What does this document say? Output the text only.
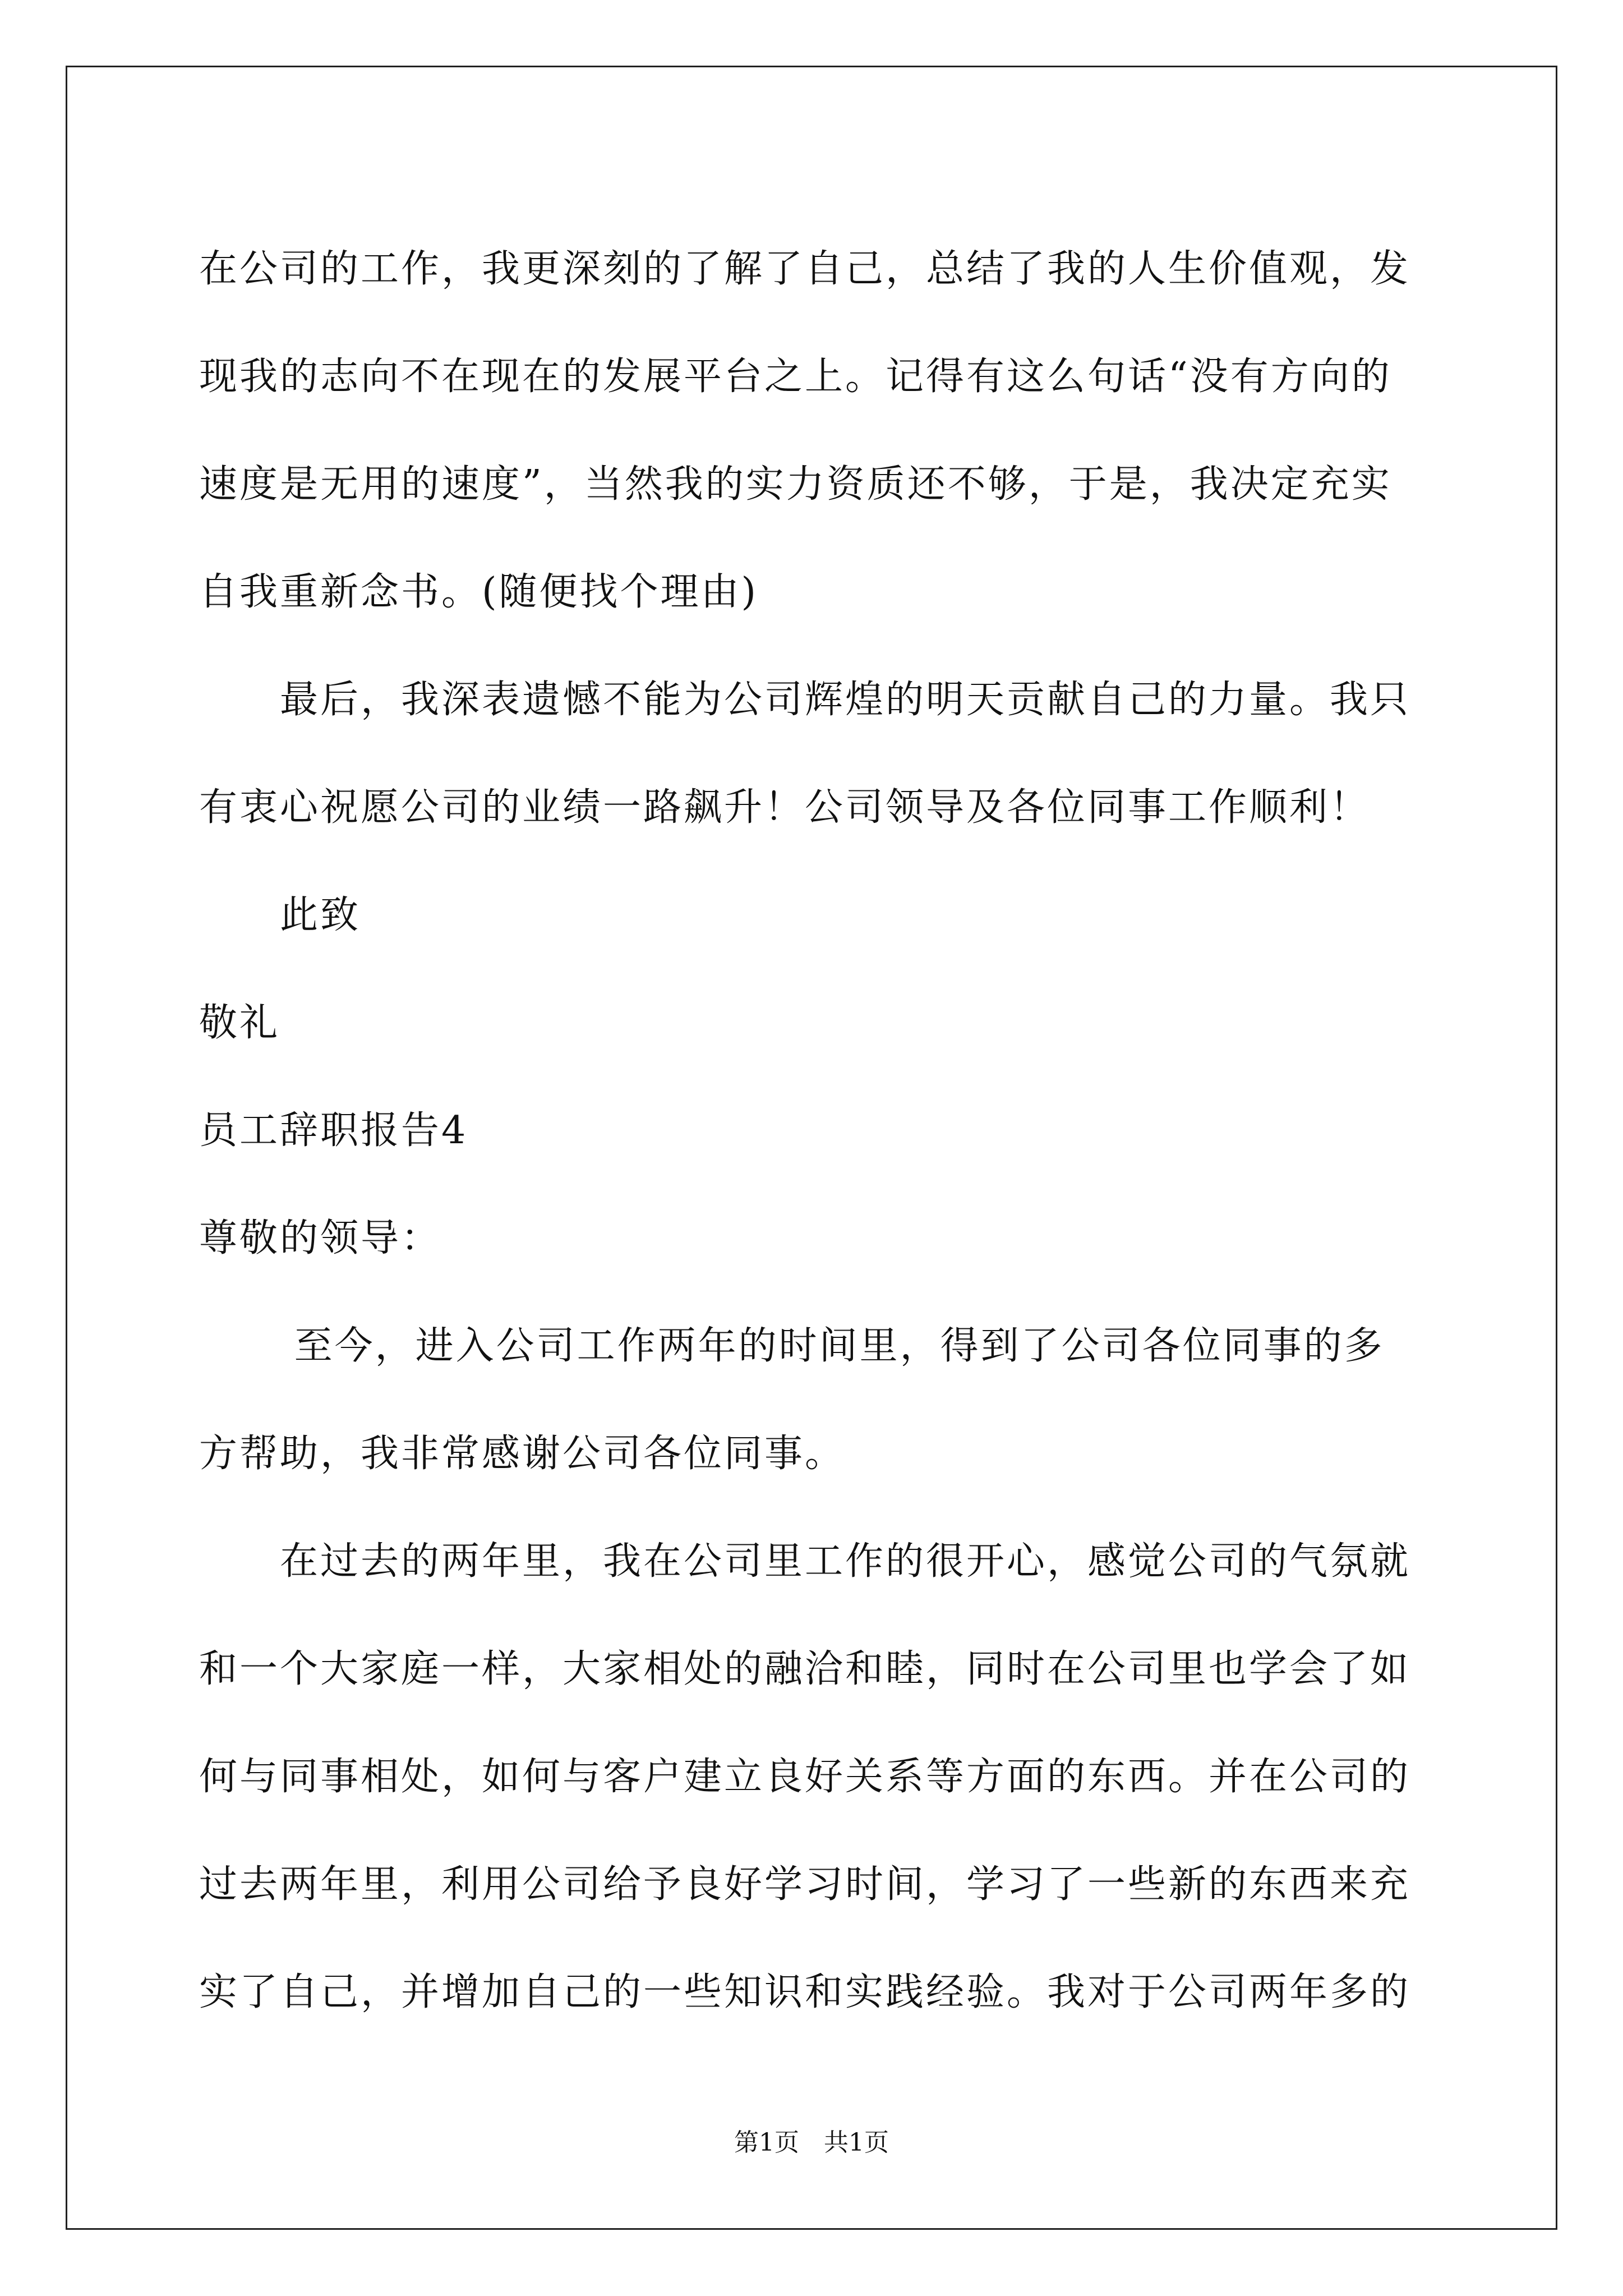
在公司的工作，我更深刻的了解了自己，总结了我的人生价值观，发现我的志向不在现在的发展平台之上。记得有这么句话“没有方向的速度是无用的速度”，当然我的实力资质还不够，于是，我决定充实自我重新念书。(随便找个理由)

　　最后，我深表遗憾不能为公司辉煌的明天贡献自己的力量。我只有衷心祝愿公司的业绩一路飙升！公司领导及各位同事工作顺利！

　　此致

敬礼

员工辞职报告4

尊敬的领导：

　　 至今，进入公司工作两年的时间里，得到了公司各位同事的多方帮助，我非常感谢公司各位同事。

　　在过去的两年里，我在公司里工作的很开心，感觉公司的气氛就和一个大家庭一样，大家相处的融洽和睦，同时在公司里也学会了如何与同事相处，如何与客户建立良好关系等方面的东西。并在公司的过去两年里，利用公司给予良好学习时间，学习了一些新的东西来充实了自己，并增加自己的一些知识和实践经验。我对于公司两年多的

第1页　共1页
